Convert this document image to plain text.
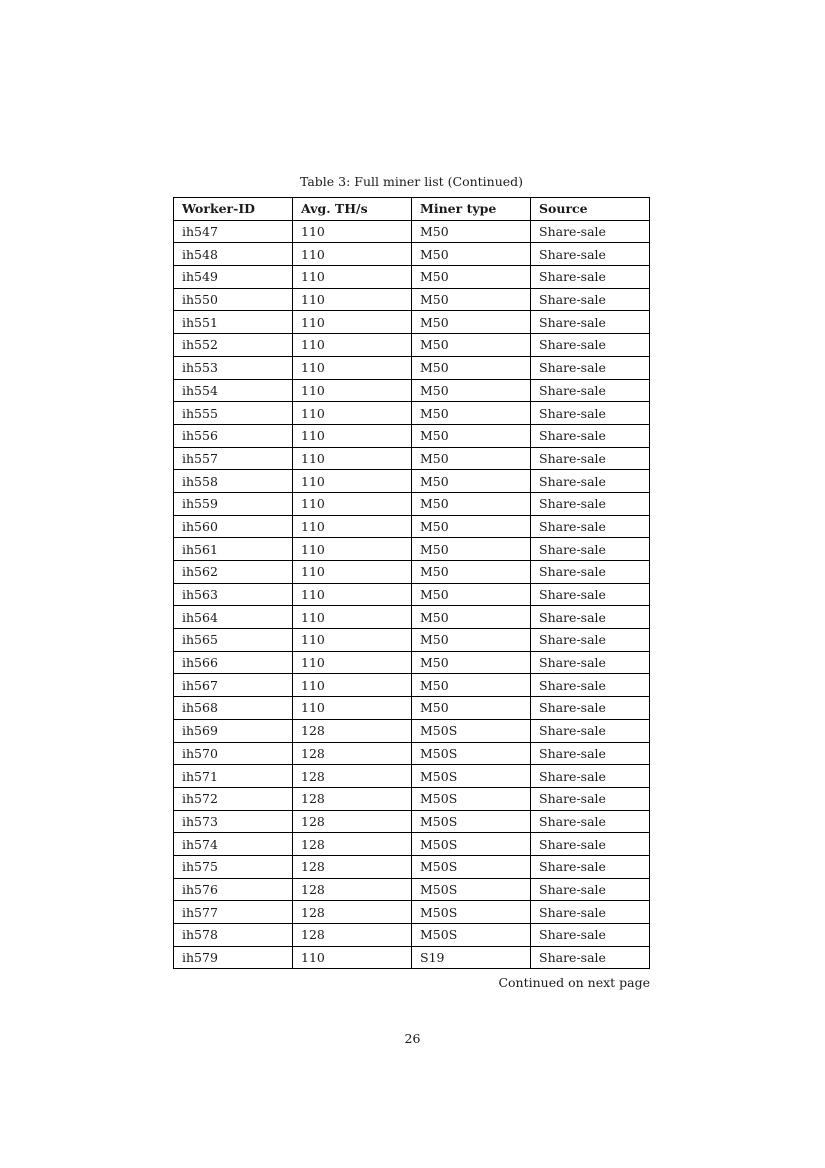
Table 3: Full miner list (Continued)
Worker-ID	Avg. TH/s	Miner type	Source
ih547	110	M50	Share-sale
ih548	110	M50	Share-sale
ih549	110	M50	Share-sale
ih550	110	M50	Share-sale
ih551	110	M50	Share-sale
ih552	110	M50	Share-sale
ih553	110	M50	Share-sale
ih554	110	M50	Share-sale
ih555	110	M50	Share-sale
ih556	110	M50	Share-sale
ih557	110	M50	Share-sale
ih558	110	M50	Share-sale
ih559	110	M50	Share-sale
ih560	110	M50	Share-sale
ih561	110	M50	Share-sale
ih562	110	M50	Share-sale
ih563	110	M50	Share-sale
ih564	110	M50	Share-sale
ih565	110	M50	Share-sale
ih566	110	M50	Share-sale
ih567	110	M50	Share-sale
ih568	110	M50	Share-sale
ih569	128	M50S	Share-sale
ih570	128	M50S	Share-sale
ih571	128	M50S	Share-sale
ih572	128	M50S	Share-sale
ih573	128	M50S	Share-sale
ih574	128	M50S	Share-sale
ih575	128	M50S	Share-sale
ih576	128	M50S	Share-sale
ih577	128	M50S	Share-sale
ih578	128	M50S	Share-sale
ih579	110	S19	Share-sale
Continued on next page
26
